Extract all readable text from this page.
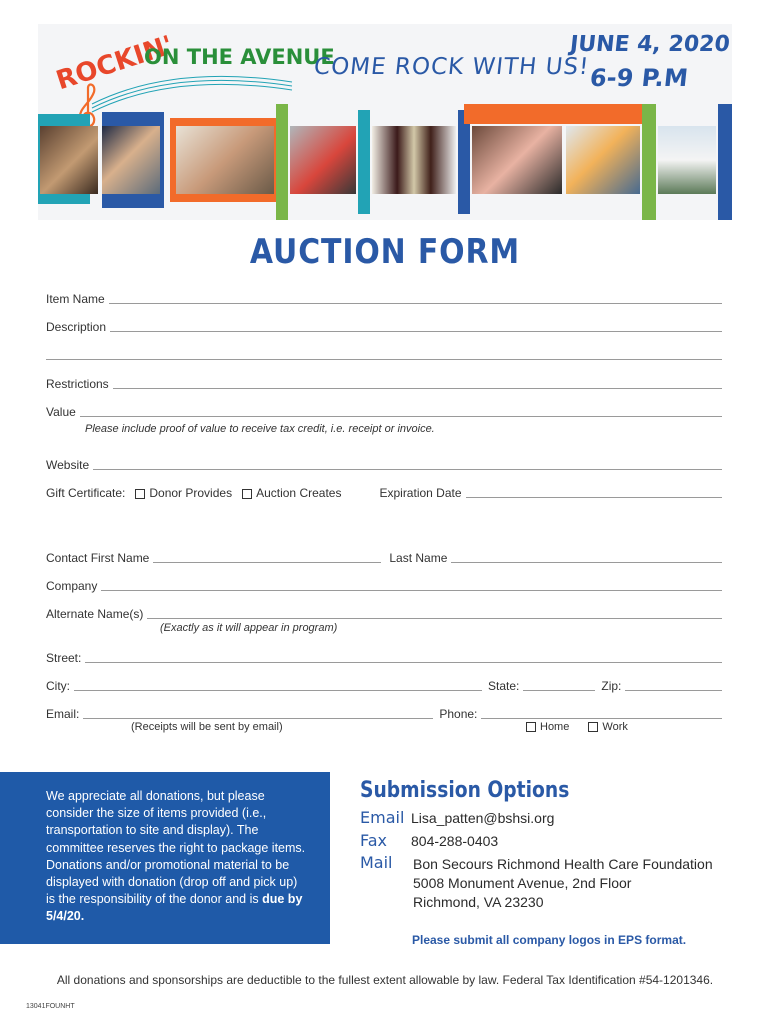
ROCKIN'
ON THE AVENUE
COME ROCK WITH US!
JUNE 4, 2020
6-9 P.M
AUCTION FORM
Item Name
Description
Restrictions
Value
Please include proof of value to receive tax credit, i.e. receipt or invoice.
Website
Gift Certificate: Donor Provides Auction Creates	Expiration Date
Contact First Name	Last Name
Company
Alternate Name(s)
(Exactly as it will appear in program)
Street:
City:	State:	Zip:
Email:	Phone:
(Receipts will be sent by email)	Home	Work

We appreciate all donations, but please consider the size of items provided (i.e., transportation to site and display). The committee reserves the right to package items. Donations and/or promotional material to be displayed with donation (drop off and pick up) is the responsibility of the donor and is due by 5/4/20.

Submission Options
Email Lisa_patten@bshsi.org
Fax 804-288-0403
Mail Bon Secours Richmond Health Care Foundation
5008 Monument Avenue, 2nd Floor
Richmond, VA 23230
Please submit all company logos in EPS format.
All donations and sponsorships are deductible to the fullest extent allowable by law. Federal Tax Identification #54-1201346.
13041FOUNHT
